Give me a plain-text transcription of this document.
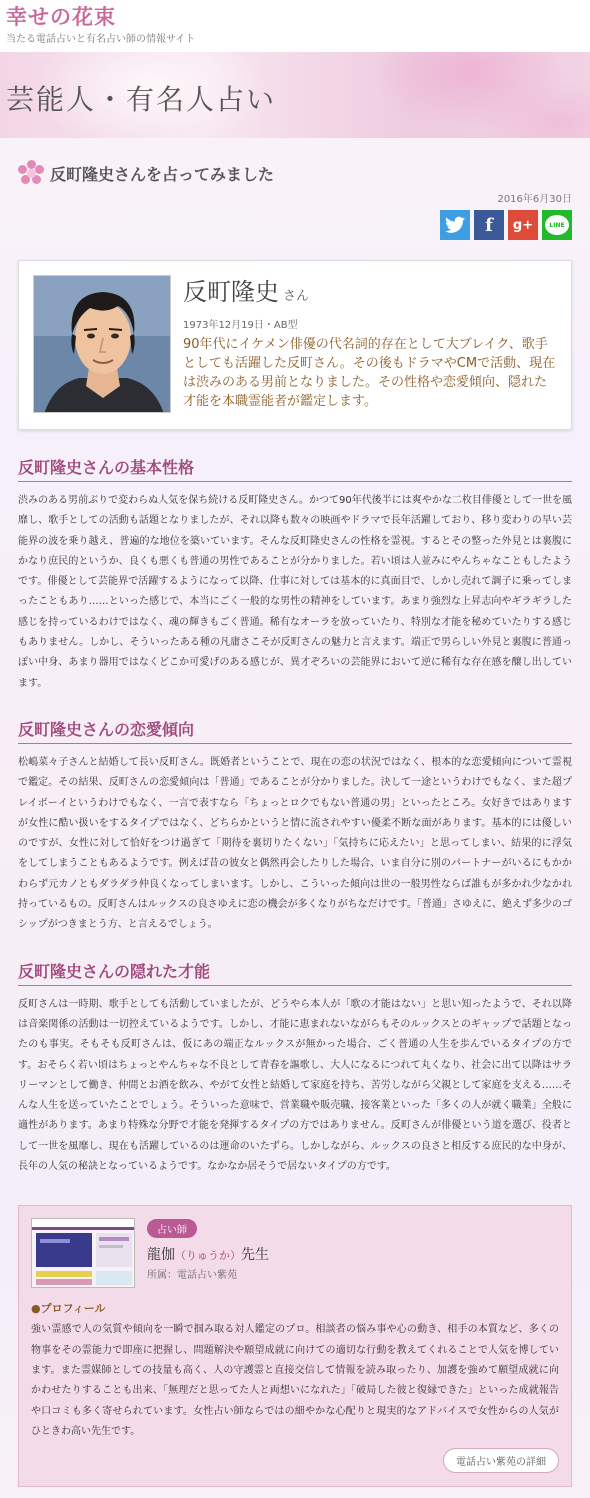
幸せの花束
当たる電話占いと有名占い師の情報サイト
芸能人・有名人占い
反町隆史さんを占ってみました
2016年6月30日
f g+	LINE
反町隆史 さん
1973年12月19日・AB型

90年代にイケメン俳優の代名詞的存在として大ブレイク、歌手としても活躍した反町さん。その後もドラマやCMで活動、現在は渋みのある男前となりました。その性格や恋愛傾向、隠れた才能を本職霊能者が鑑定します。

反町隆史さんの基本性格

渋みのある男前ぶりで変わらぬ人気を保ち続ける反町隆史さん。かつて90年代後半には爽やかな二枚目俳優として一世を風靡し、歌手としての活動も話題となりましたが、それ以降も数々の映画やドラマで長年活躍しており、移り変わりの早い芸能界の波を乗り越え、普遍的な地位を築いています。そんな反町隆史さんの性格を霊視。するとその整った外見とは裏腹にかなり庶民的というか、良くも悪くも普通の男性であることが分かりました。若い頃は人並みにやんちゃなこともしたようです。俳優として芸能界で活躍するようになって以降、仕事に対しては基本的に真面目で、しかし売れて調子に乗ってしまったこともあり……といった感じで、本当にごく一般的な男性の精神をしています。あまり強烈な上昇志向やギラギラした感じを持っているわけではなく、魂の輝きもごく普通。稀有なオーラを放っていたり、特別な才能を秘めていたりする感じもありません。しかし、そういったある種の凡庸さこそが反町さんの魅力と言えます。端正で男らしい外見と裏腹に普通っぽい中身、あまり器用ではなくどこか可愛げのある感じが、異才ぞろいの芸能界において逆に稀有な存在感を醸し出しています。

反町隆史さんの恋愛傾向

松嶋菜々子さんと結婚して長い反町さん。既婚者ということで、現在の恋の状況ではなく、根本的な恋愛傾向について霊視で鑑定。その結果、反町さんの恋愛傾向は「普通」であることが分かりました。決して一途というわけでもなく、また超プレイボーイというわけでもなく、一言で表すなら「ちょっとロクでもない普通の男」といったところ。女好きではありますが女性に酷い扱いをするタイプではなく、どちらかというと情に流されやすい優柔不断な面があります。基本的には優しいのですが、女性に対して恰好をつけ過ぎて「期待を裏切りたくない」「気持ちに応えたい」と思ってしまい、結果的に浮気をしてしまうこともあるようです。例えば昔の彼女と偶然再会したりした場合、いま自分に別のパートナーがいるにもかかわらず元カノともダラダラ仲良くなってしまいます。しかし、こういった傾向は世の一般男性ならば誰もが多かれ少なかれ持っているもの。反町さんはルックスの良さゆえに恋の機会が多くなりがちなだけです。「普通」さゆえに、絶えず多少のゴシップがつきまとう方、と言えるでしょう。

反町隆史さんの隠れた才能

反町さんは一時期、歌手としても活動していましたが、どうやら本人が「歌の才能はない」と思い知ったようで、それ以降は音楽関係の活動は一切控えているようです。しかし、才能に恵まれないながらもそのルックスとのギャップで話題となったのも事実。そもそも反町さんは、仮にあの端正なルックスが無かった場合、ごく普通の人生を歩んでいるタイプの方です。おそらく若い頃はちょっとやんちゃな不良として青春を謳歌し、大人になるにつれて丸くなり、社会に出て以降はサラリーマンとして働き、仲間とお酒を飲み、やがて女性と結婚して家庭を持ち、苦労しながら父親として家庭を支える……そんな人生を送っていたことでしょう。そういった意味で、営業職や販売職、接客業といった「多くの人が就く職業」全般に適性があります。あまり特殊な分野で才能を発揮するタイプの方ではありません。反町さんが俳優という道を選び、役者として一世を風靡し、現在も活躍しているのは運命のいたずら。しかしながら、ルックスの良さと相反する庶民的な中身が、長年の人気の秘訣となっているようです。なかなか居そうで居ないタイプの方です。

占い師
龍伽（りゅうか）先生
所属：電話占い紫苑
●プロフィール

強い霊感で人の気質や傾向を一瞬で掴み取る対人鑑定のプロ。相談者の悩み事や心の動き、相手の本質など、多くの物事をその霊能力で即座に把握し、問題解決や願望成就に向けての適切な行動を教えてくれることで人気を博しています。また霊媒師としての技量も高く、人の守護霊と直接交信して情報を読み取ったり、加護を強めて願望成就に向かわせたりすることも出来、「無理だと思ってた人と両想いになれた」「破局した彼と復縁できた」といった成就報告や口コミも多く寄せられています。女性占い師ならではの細やかな心配りと現実的なアドバイスで女性からの人気がひときわ高い先生です。

電話占い紫苑の詳細
